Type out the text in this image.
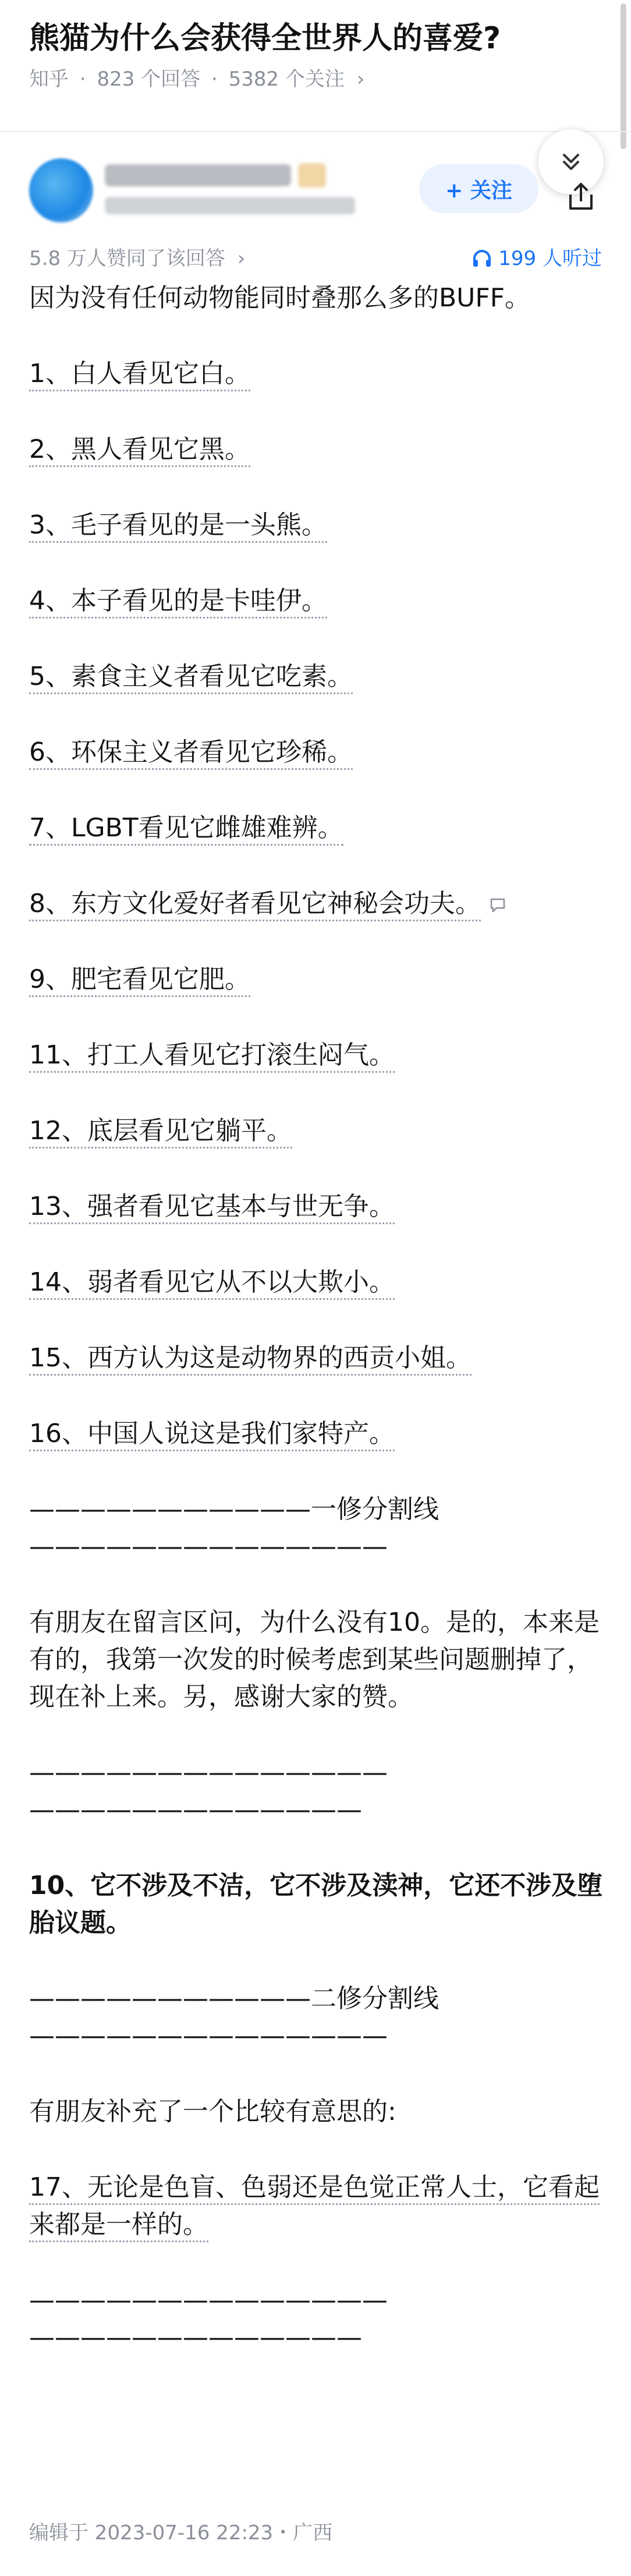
熊猫为什么会获得全世界人的喜爱?
知乎 · 823 个回答 · 5382 个关注 ›
+ 关注
5.8 万人赞同了该回答 ›	199 人听过

因为没有任何动物能同时叠那么多的BUFF。

1、白人看见它白。

2、黑人看见它黑。

3、毛子看见的是一头熊。

4、本子看见的是卡哇伊。

5、素食主义者看见它吃素。

6、环保主义者看见它珍稀。

7、LGBT看见它雌雄难辨。

8、东方文化爱好者看见它神秘会功夫。

9、肥宅看见它肥。

11、打工人看见它打滚生闷气。

12、底层看见它躺平。

13、强者看见它基本与世无争。

14、弱者看见它从不以大欺小。

15、西方认为这是动物界的西贡小姐。

16、中国人说这是我们家特产。

———————————一修分割线

——————————————

有朋友在留言区问，为什么没有10。是的，本来是有的，我第一次发的时候考虑到某些问题删掉了，现在补上来。另，感谢大家的赞。

——————————————

—————————————

10、它不涉及不洁，它不涉及渎神，它还不涉及堕胎议题。

———————————二修分割线

——————————————

有朋友补充了一个比较有意思的:

17、无论是色盲、色弱还是色觉正常人士，它看起来都是一样的。

——————————————

—————————————

编辑于 2023-07-16 22:23・广西
